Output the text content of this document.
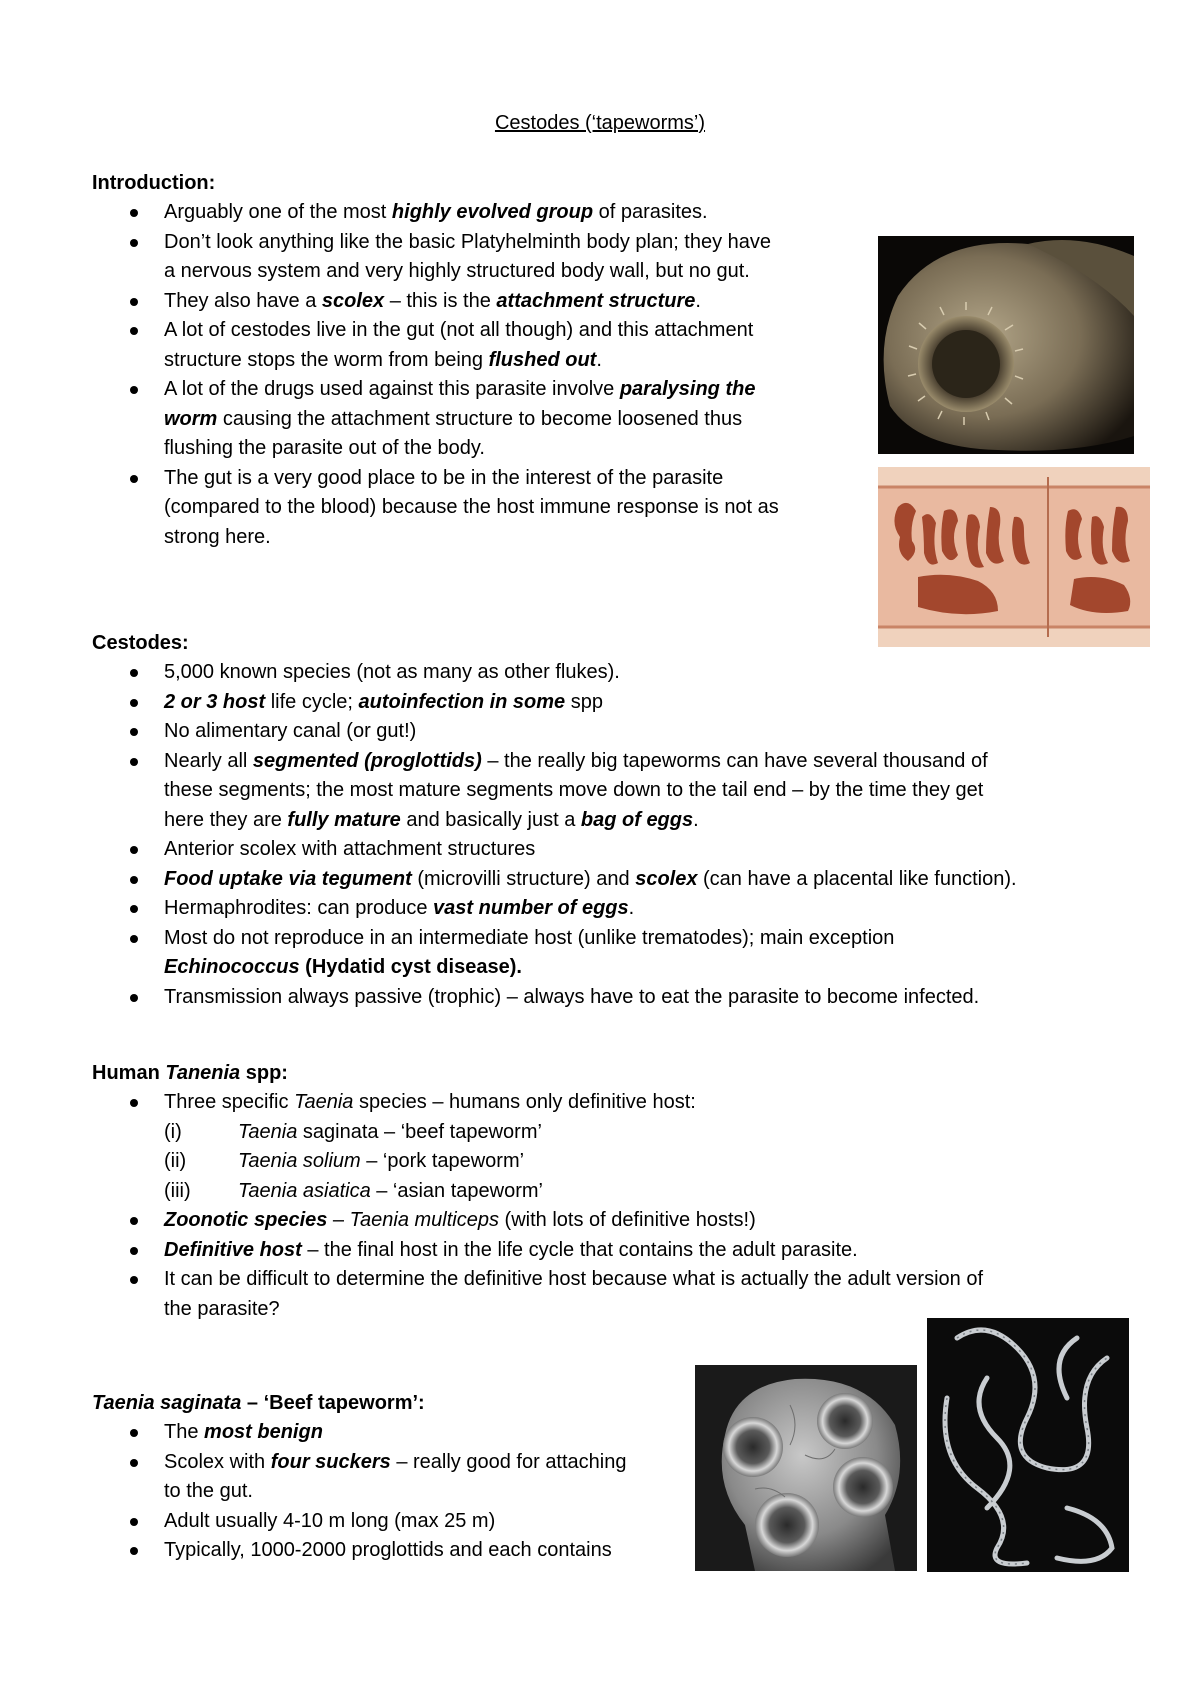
Cestodes (‘tapeworms’)
Introduction:
Arguably one of the most highly evolved group of parasites.
Don’t look anything like the basic Platyhelminth body plan; they have
a nervous system and very highly structured body wall, but no gut.
They also have a scolex – this is the attachment structure.
A lot of cestodes live in the gut (not all though) and this attachment
structure stops the worm from being flushed out.
A lot of the drugs used against this parasite involve paralysing the
worm causing the attachment structure to become loosened thus
flushing the parasite out of the body.
The gut is a very good place to be in the interest of the parasite
(compared to the blood) because the host immune response is not as
strong here.
Cestodes:
5,000 known species (not as many as other flukes).
2 or 3 host life cycle; autoinfection in some spp
No alimentary canal (or gut!)
Nearly all segmented (proglottids) – the really big tapeworms can have several thousand of
these segments; the most mature segments move down to the tail end – by the time they get
here they are fully mature and basically just a bag of eggs.
Anterior scolex with attachment structures
Food uptake via tegument (microvilli structure) and scolex (can have a placental like function).
Hermaphrodites: can produce vast number of eggs.
Most do not reproduce in an intermediate host (unlike trematodes); main exception
Echinococcus (Hydatid cyst disease).
Transmission always passive (trophic) – always have to eat the parasite to become infected.
Human Tanenia spp:
Three specific Taenia species – humans only definitive host:
(i)	Taenia saginata – ‘beef tapeworm’
(ii)	Taenia solium – ‘pork tapeworm’
(iii) Taenia asiatica – ‘asian tapeworm’
Zoonotic species – Taenia multiceps (with lots of definitive hosts!)
Definitive host – the final host in the life cycle that contains the adult parasite.
It can be difficult to determine the definitive host because what is actually the adult version of
the parasite?
Taenia saginata – ‘Beef tapeworm’:
The most benign
Scolex with four suckers – really good for attaching
to the gut.
Adult usually 4-10 m long (max 25 m)
Typically, 1000-2000 proglottids and each contains
